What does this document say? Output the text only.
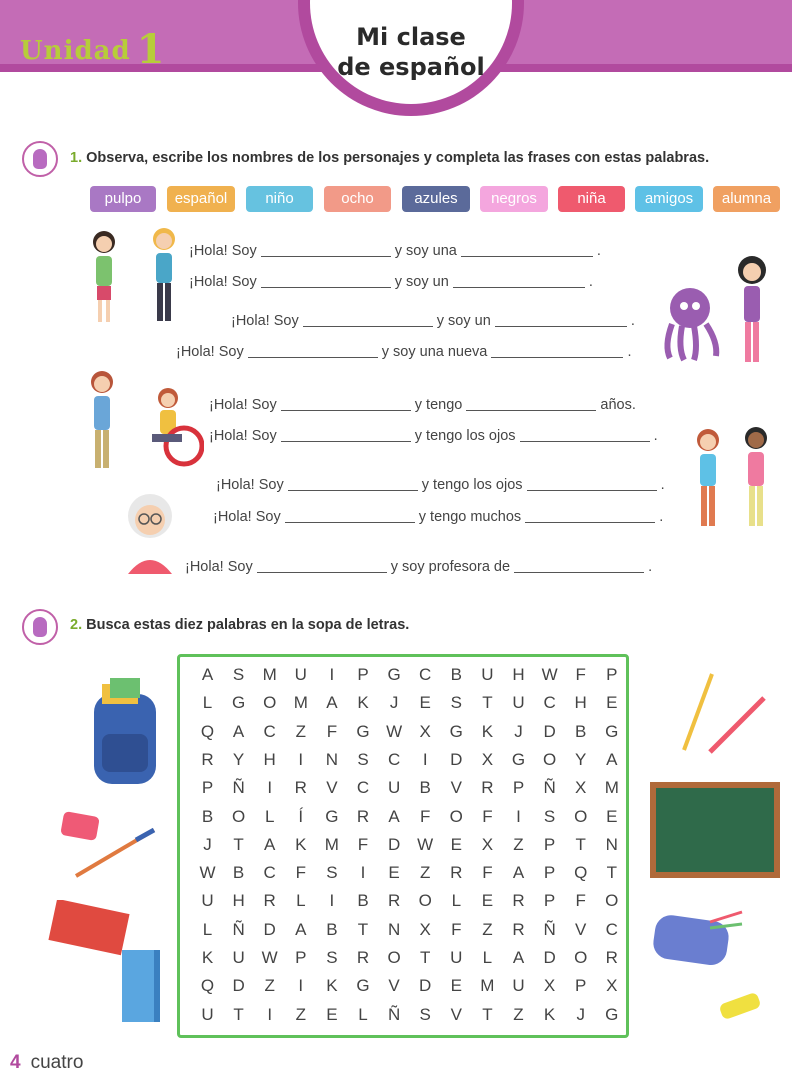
Unidad 1	Mi clase
de español
1. Observa, escribe los nombres de los personajes y completa las frases con estas palabras.
pulpo	español	niño	ocho	azules	negros	niña	amigos	alumna
¡Hola! Soy	y soy una	.
¡Hola! Soy	y soy un	.
¡Hola! Soy	y soy un	.
¡Hola! Soy	y soy una nueva	.
¡Hola! Soy	y tengo	años.
¡Hola! Soy	y tengo los ojos	.
¡Hola! Soy	y tengo los ojos	.
¡Hola! Soy	y tengo muchos	.
¡Hola! Soy	y soy profesora de	.
2. Busca estas diez palabras en la sopa de letras.
A	S	M	U	I	P	G	C	B	U	H W	F	P
L	G	O	M	A	K	J	E	S	T	U	C	H	E
Q	A	C	Z	F	G W	X	G	K	J	D	B	G
R	Y	H	I	N	S	C	I	D	X	G	O	Y	A
P	Ñ	I	R	V	C	U	B	V	R	P	Ñ	X	M
B	O	L	Í	G	R	A	F	O	F	I	S	O	E
J	T	A	K	M	F	D W	E	X	Z	P	T	N
W	B	C	F	S	I	E	Z	R	F	A	P	Q	T
U	H	R	L	I	B	R	O	L	E	R	P	F	O
L	Ñ	D	A	B	T	N	X	F	Z	R	Ñ	V	C
K	U W	P	S	R	O	T	U	L	A	D	O	R
Q	D	Z	I	K	G	V	D	E	M	U	X	P	X
U	T	I	Z	E	L	Ñ	S	V	T	Z	K	J	G
4 cuatro
